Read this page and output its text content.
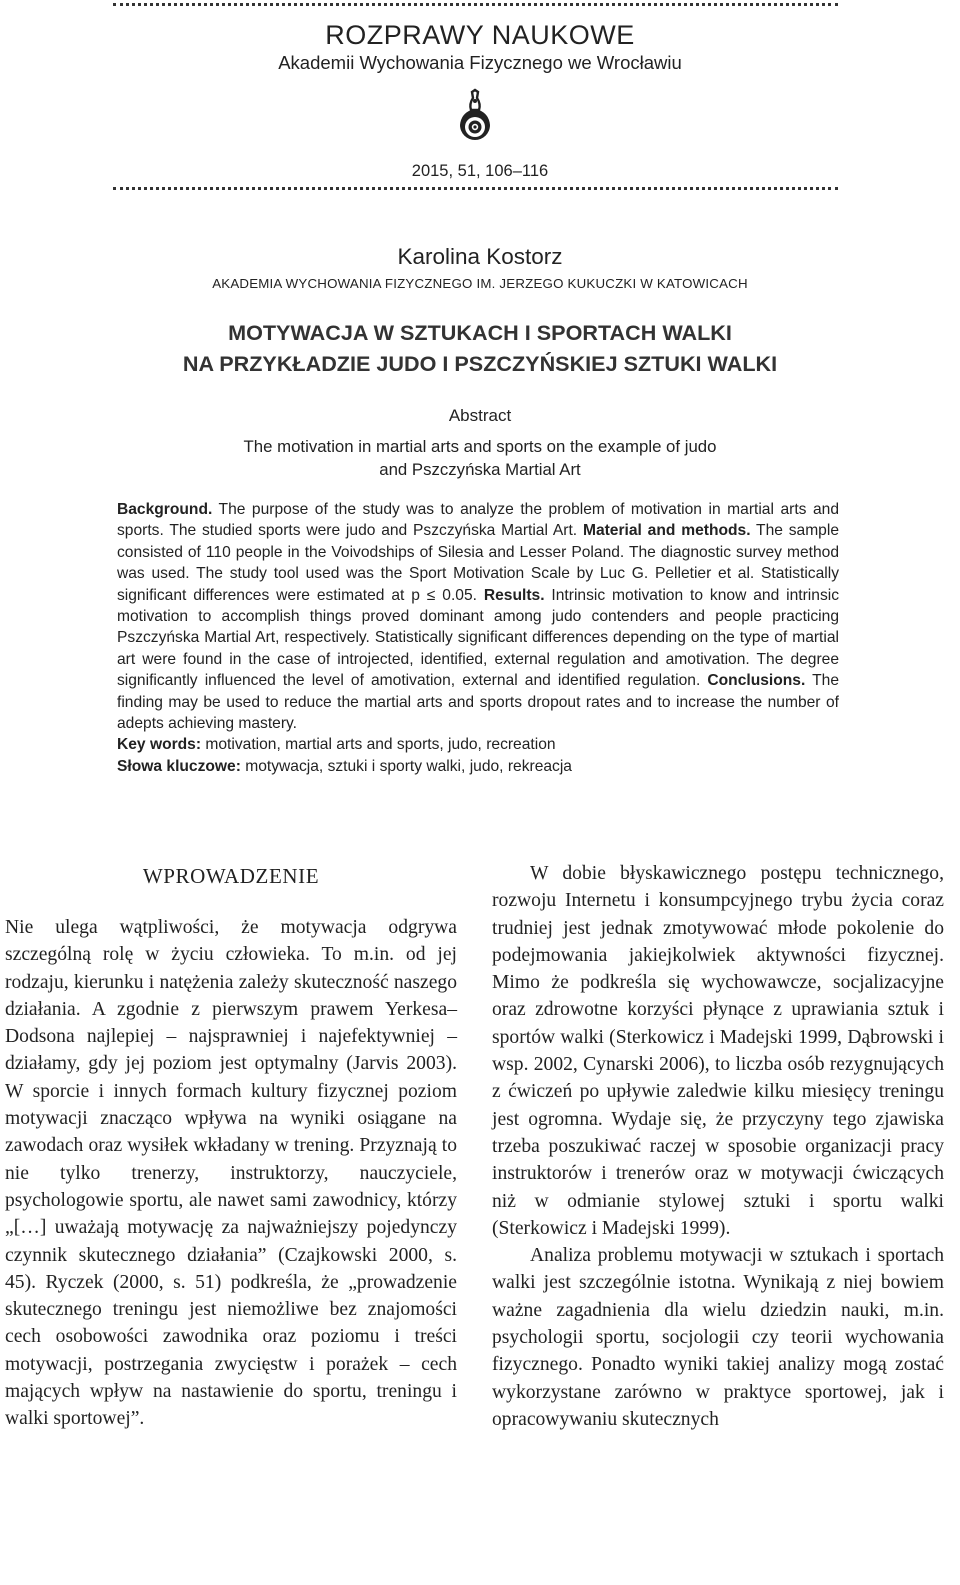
ROZPRAWY NAUKOWE
Akademii Wychowania Fizycznego we Wrocławiu
2015, 51, 106–116
Karolina Kostorz
AKADEMIA WYCHOWANIA FIZYCZNEGO IM. JERZEGO KUKUCZKI W KATOWICACH
MOTYWACJA W SZTUKACH I SPORTACH WALKI
NA PRZYKŁADZIE JUDO I PSZCZYŃSKIEJ SZTUKI WALKI
Abstract
The motivation in martial arts and sports on the example of judo
and Pszczyńska Martial Art

Background. The purpose of the study was to analyze the problem of motivation in martial arts and sports. The studied sports were judo and Pszczyńska Martial Art. Material and methods. The sample consisted of 110 people in the Voivodships of Silesia and Lesser Poland. The diagnostic survey method was used. The study tool used was the Sport Motivation Scale by Luc G. Pelletier et al. Statistically significant differences were estimated at p ≤ 0.05. Results. Intrinsic motivation to know and intrinsic motivation to accomplish things proved dominant among judo contenders and people practicing Pszczyńska Martial Art, respectively. Statistically significant differences depending on the type of martial art were found in the case of introjected, identified, external regulation and amotivation. The degree significantly influenced the level of amotivation, external and identified regulation. Conclusions. The finding may be used to reduce the martial arts and sports dropout rates and to increase the number of adepts achieving mastery.

Key words: motivation, martial arts and sports, judo, recreation

Słowa kluczowe: motywacja, sztuki i sporty walki, judo, rekreacja

WPROWADZENIE

Nie ulega wątpliwości, że motywacja odgrywa szczególną rolę w życiu człowieka. To m.in. od jej rodzaju, kierunku i natężenia zależy skuteczność naszego działania. A zgodnie z pierwszym prawem Yerkesa–Dodsona najlepiej – najsprawniej i najefektywniej – działamy, gdy jej poziom jest optymalny (Jarvis 2003). W sporcie i innych formach kultury fizycznej poziom motywacji znacząco wpływa na wyniki osiągane na zawodach oraz wysiłek wkładany w trening. Przyznają to nie tylko trenerzy, instruktorzy, nauczyciele, psychologowie sportu, ale nawet sami zawodnicy, którzy „[…] uważają motywację za najważniejszy pojedynczy czynnik skutecznego działania” (Czajkowski 2000, s. 45). Ryczek (2000, s. 51) podkreśla, że „prowadzenie skutecznego treningu jest niemożliwe bez znajomości cech osobowości zawodnika oraz poziomu i treści motywacji, postrzegania zwycięstw i porażek – cech mających wpływ na nastawienie do sportu, treningu i walki sportowej”.

W dobie błyskawicznego postępu technicznego, rozwoju Internetu i konsumpcyjnego trybu życia coraz trudniej jest jednak zmotywować młode pokolenie do podejmowania jakiejkolwiek aktywności fizycznej. Mimo że podkreśla się wychowawcze, socjalizacyjne oraz zdrowotne korzyści płynące z uprawiania sztuk i sportów walki (Sterkowicz i Madejski 1999, Dąbrowski i wsp. 2002, Cynarski 2006), to liczba osób rezygnujących z ćwiczeń po upływie zaledwie kilku miesięcy treningu jest ogromna. Wydaje się, że przyczyny tego zjawiska trzeba poszukiwać raczej w sposobie organizacji pracy instruktorów i trenerów oraz w motywacji ćwiczących niż w odmianie stylowej sztuki i sportu walki (Sterkowicz i Madejski 1999).

Analiza problemu motywacji w sztukach i sportach walki jest szczególnie istotna. Wynikają z niej bowiem ważne zagadnienia dla wielu dziedzin nauki, m.in. psychologii sportu, socjologii czy teorii wychowania fizycznego. Ponadto wyniki takiej analizy mogą zostać wykorzystane zarówno w praktyce sportowej, jak i opracowywaniu skutecznych
